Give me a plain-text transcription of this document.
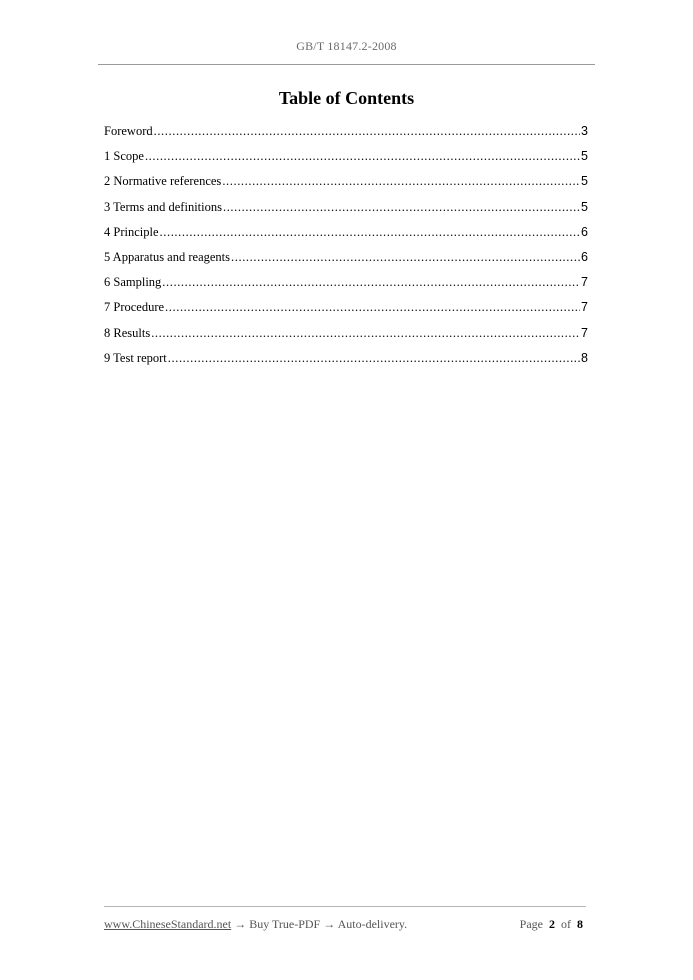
GB/T 18147.2-2008
Table of Contents
Foreword .....	3
1 Scope .....	5
2 Normative references .....	5
3 Terms and definitions .....	5
4 Principle .....	6
5 Apparatus and reagents .....	6
6 Sampling .....	7
7 Procedure .....	7
8 Results .....	7
9 Test report .....	8
www.ChineseStandard.net → Buy True-PDF → Auto-delivery.	Page 2 of 8
